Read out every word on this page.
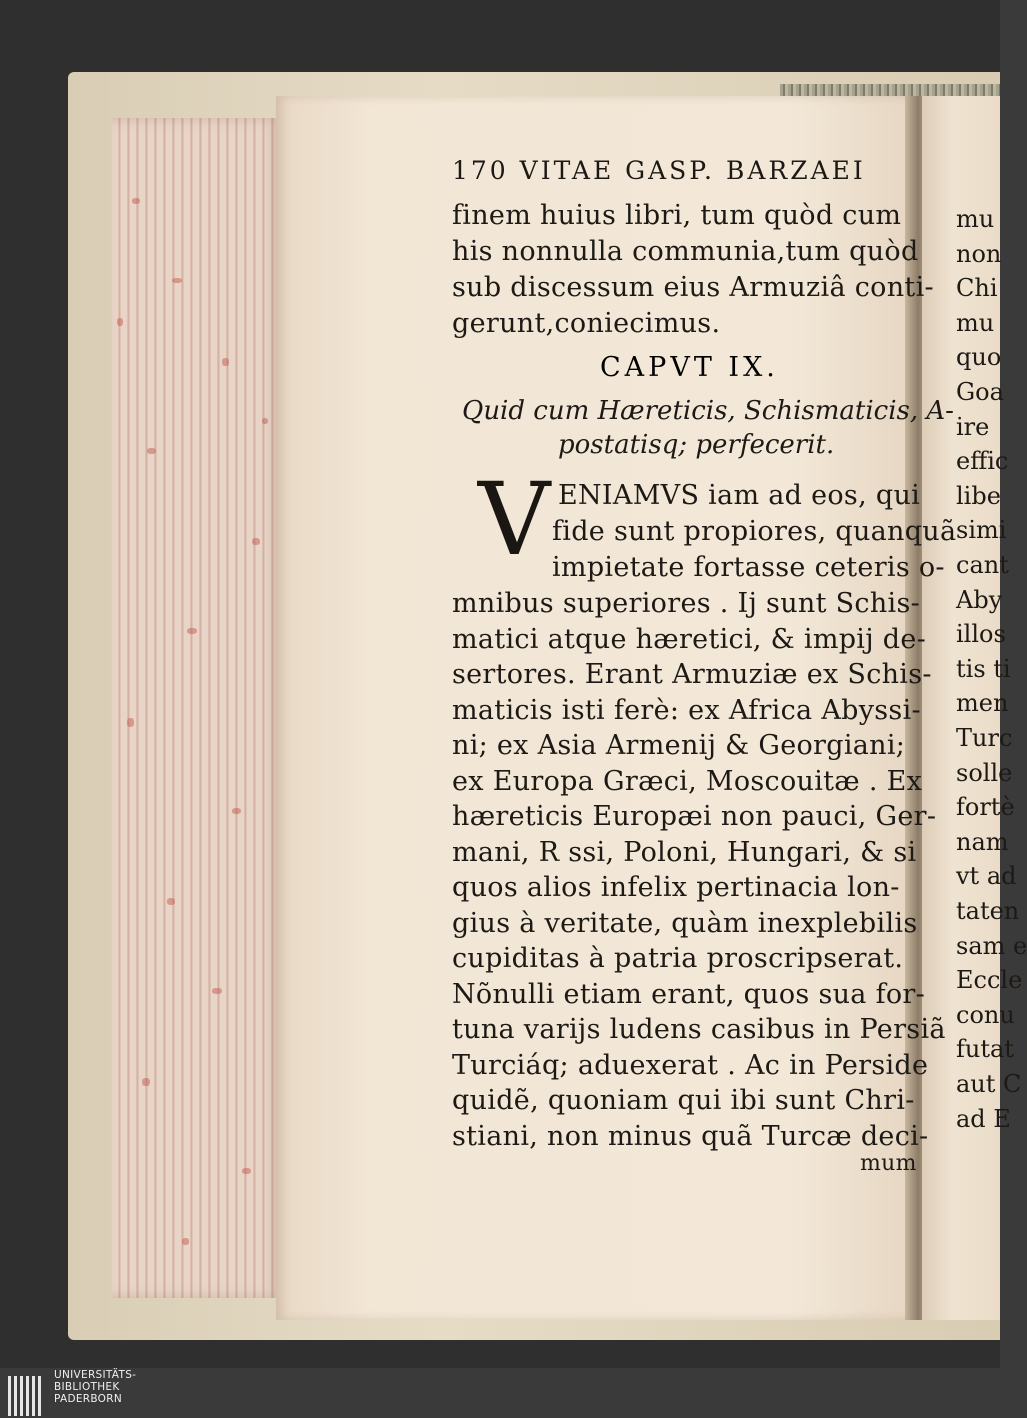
170 VITAE GASP. BARZAEI
finem huius libri, tum quòd cum
his nonnulla communia,tum quòd
sub discessum eius Armuziâ conti-
gerunt,coniecimus.
CAPVT IX.
Quid cum Hæreticis, Schismaticis, A-
postatisq; perfecerit.
V ENIAMVS iam ad eos, qui
fide sunt propiores, quanquã
impietate fortasse ceteris o-
mnibus superiores . Ij sunt Schis-
matici atque hæretici, & impij de-
sertores. Erant Armuziæ ex Schis-
maticis isti ferè: ex Africa Abyssi-
ni; ex Asia Armenij & Georgiani;
ex Europa Græci, Moscouitæ . Ex
hæreticis Europæi non pauci, Ger-
mani, R ssi, Poloni, Hungari, & si
quos alios infelix pertinacia lon-
gius à veritate, quàm inexplebilis
cupiditas à patria proscripserat.
Nõnulli etiam erant, quos sua for-
tuna varijs ludens casibus in Persiã
Turciáq; aduexerat . Ac in Perside
quidẽ, quoniam qui ibi sunt Chri-
stiani, non minus quã Turcæ deci-
mum
mu
non
Chi
mu
quo
Goa
ire
effic
libe
simi
cant
Aby
illos
tis ti
men
Turc
solle
fortè
nam
vt ad
taten
sam e
Eccle
conu
futat
aut C
ad E
UNIVERSITÄTS-
BIBLIOTHEK
PADERBORN
